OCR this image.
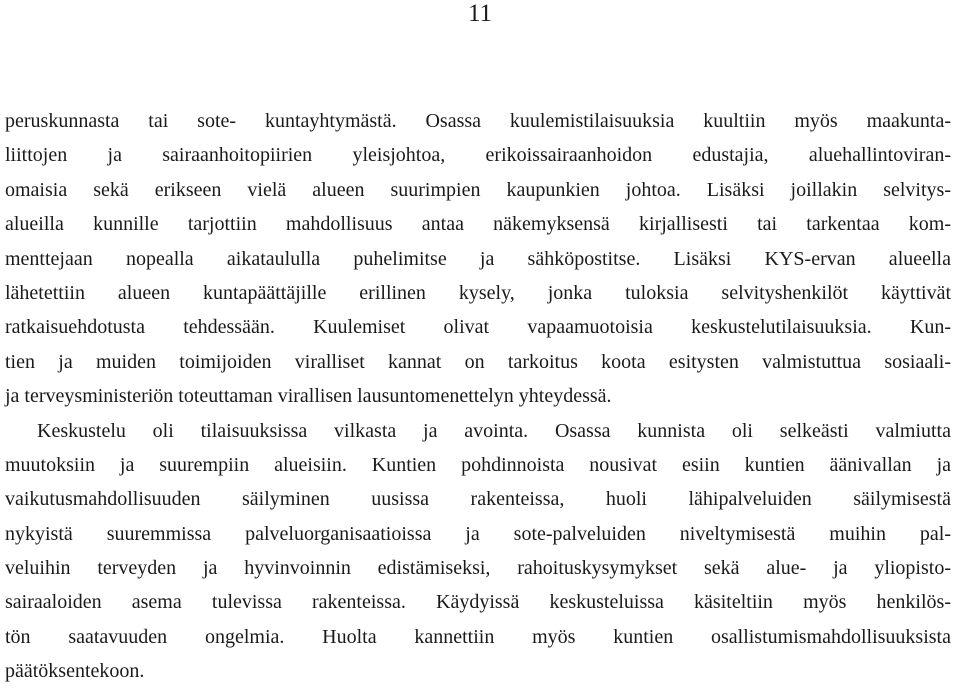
11
peruskunnasta tai sote- kuntayhtymästä. Osassa kuulemistilaisuuksia kuultiin myös maakunta-
liittojen ja sairaanhoitopiirien yleisjohtoa, erikoissairaanhoidon edustajia, aluehallintoviran-
omaisia sekä erikseen vielä alueen suurimpien kaupunkien johtoa. Lisäksi joillakin selvitys-
alueilla kunnille tarjottiin mahdollisuus antaa näkemyksensä kirjallisesti tai tarkentaa kom-
menttejaan nopealla aikataululla puhelimitse ja sähköpostitse. Lisäksi KYS-ervan alueella
lähetettiin alueen kuntapäättäjille erillinen kysely, jonka tuloksia selvityshenkilöt käyttivät
ratkaisuehdotusta tehdessään. Kuulemiset olivat vapaamuotoisia keskustelutilaisuuksia. Kun-
tien ja muiden toimijoiden viralliset kannat on tarkoitus koota esitysten valmistuttua sosiaali-
ja terveysministeriön toteuttaman virallisen lausuntomenettelyn yhteydessä.
Keskustelu oli tilaisuuksissa vilkasta ja avointa. Osassa kunnista oli selkeästi valmiutta
muutoksiin ja suurempiin alueisiin. Kuntien pohdinnoista nousivat esiin kuntien äänivallan ja
vaikutusmahdollisuuden säilyminen uusissa rakenteissa, huoli lähipalveluiden säilymisestä
nykyistä suuremmissa palveluorganisaatioissa ja sote-palveluiden niveltymisestä muihin pal-
veluihin terveyden ja hyvinvoinnin edistämiseksi, rahoituskysymykset sekä alue- ja yliopisto-
sairaaloiden asema tulevissa rakenteissa. Käydyissä keskusteluissa käsiteltiin myös henkilös-
tön saatavuuden ongelmia. Huolta kannettiin myös kuntien osallistumismahdollisuuksista
päätöksentekoon.
